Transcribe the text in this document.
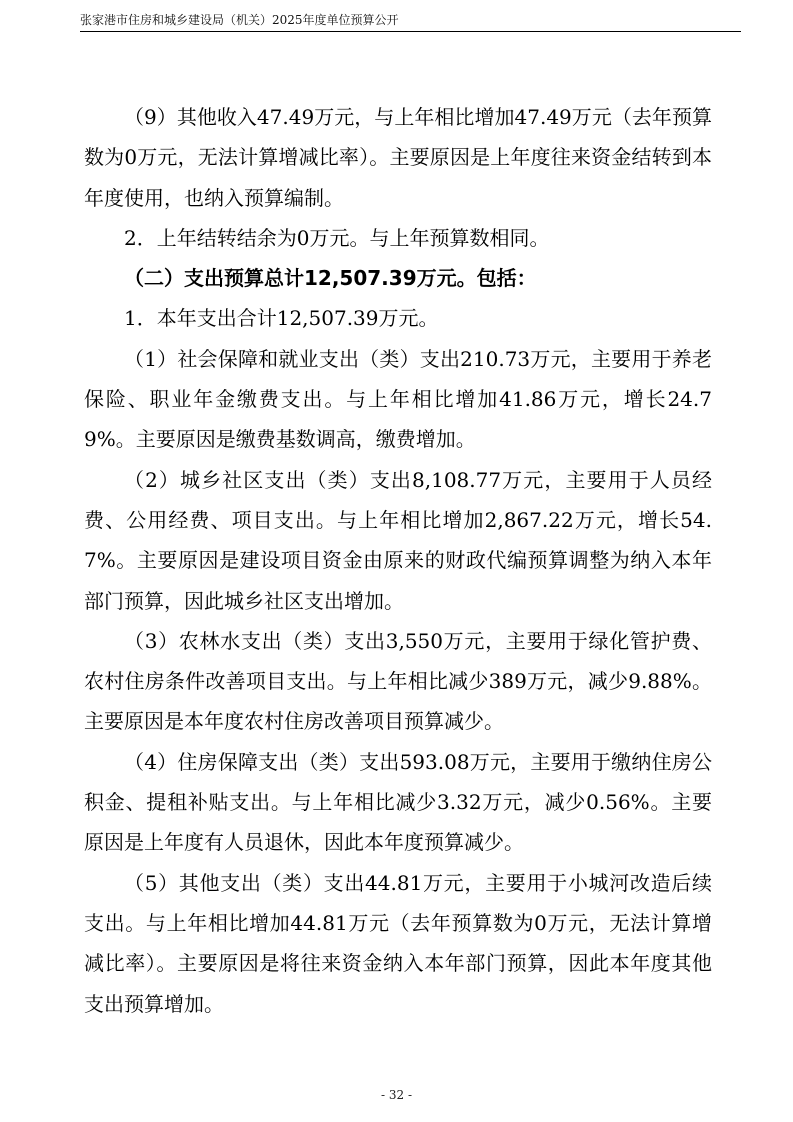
张家港市住房和城乡建设局（机关）2025年度单位预算公开

（9）其他收入47.49万元，与上年相比增加47.49万元（去年预算数为0万元，无法计算增减比率）。主要原因是上年度往来资金结转到本年度使用，也纳入预算编制。

2．上年结转结余为0万元。与上年预算数相同。

（二）支出预算总计12,507.39万元。包括：

1．本年支出合计12,507.39万元。

（1）社会保障和就业支出（类）支出210.73万元，主要用于养老保险、职业年金缴费支出。与上年相比增加41.86万元，增长24.79%。主要原因是缴费基数调高，缴费增加。

（2）城乡社区支出（类）支出8,108.77万元，主要用于人员经费、公用经费、项目支出。与上年相比增加2,867.22万元，增长54.7%。主要原因是建设项目资金由原来的财政代编预算调整为纳入本年部门预算，因此城乡社区支出增加。

（3）农林水支出（类）支出3,550万元，主要用于绿化管护费、农村住房条件改善项目支出。与上年相比减少389万元，减少9.88%。主要原因是本年度农村住房改善项目预算减少。

（4）住房保障支出（类）支出593.08万元，主要用于缴纳住房公积金、提租补贴支出。与上年相比减少3.32万元，减少0.56%。主要原因是上年度有人员退休，因此本年度预算减少。

（5）其他支出（类）支出44.81万元，主要用于小城河改造后续支出。与上年相比增加44.81万元（去年预算数为0万元，无法计算增减比率）。主要原因是将往来资金纳入本年部门预算，因此本年度其他支出预算增加。

- 32 -
